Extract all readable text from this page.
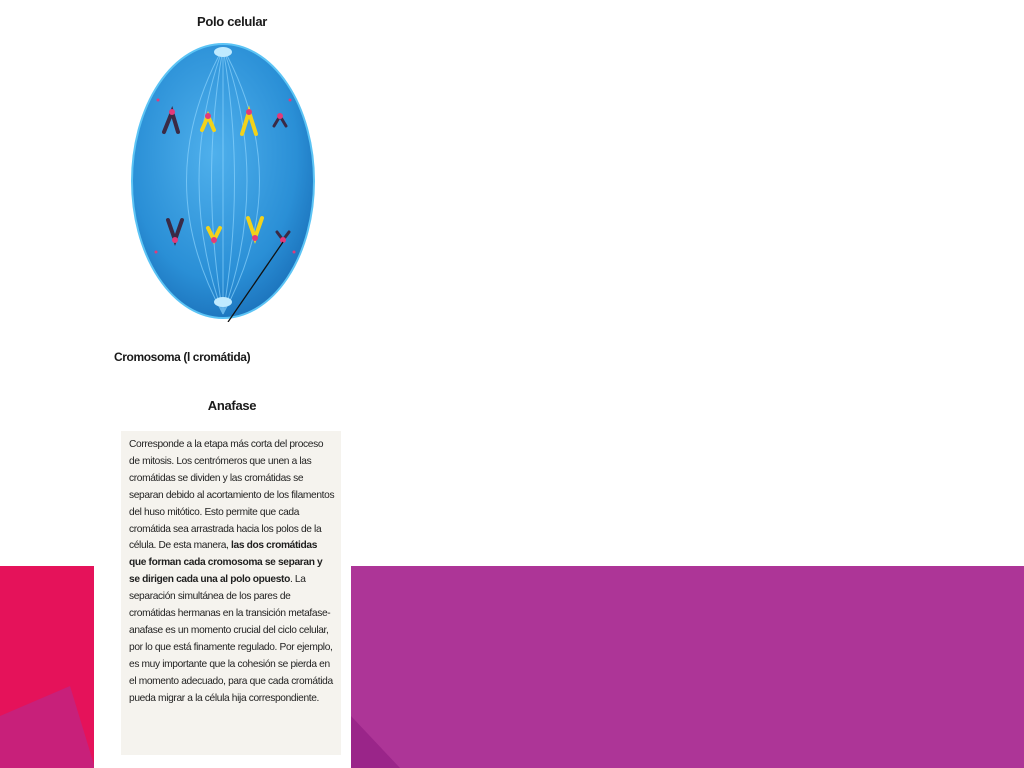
Polo celular
Cromosoma (l cromátida)
Anafase
Corresponde a la etapa más corta del proceso de mitosis. Los centrómeros que unen a las cromátidas se dividen y las cromátidas se separan debido al acortamiento de los filamentos del huso mitótico. Esto permite que cada cromátida sea arrastrada hacia los polos de la célula. De esta manera, las dos cromátidas que forman cada cromosoma se separan y se dirigen cada una al polo opuesto. La separación simultánea de los pares de cromátidas hermanas en la transición metafase-anafase es un momento crucial del ciclo celular, por lo que está finamente regulado. Por ejemplo, es muy importante que la cohesión se pierda en el momento adecuado, para que cada cromátida pueda migrar a la célula hija correspondiente.
